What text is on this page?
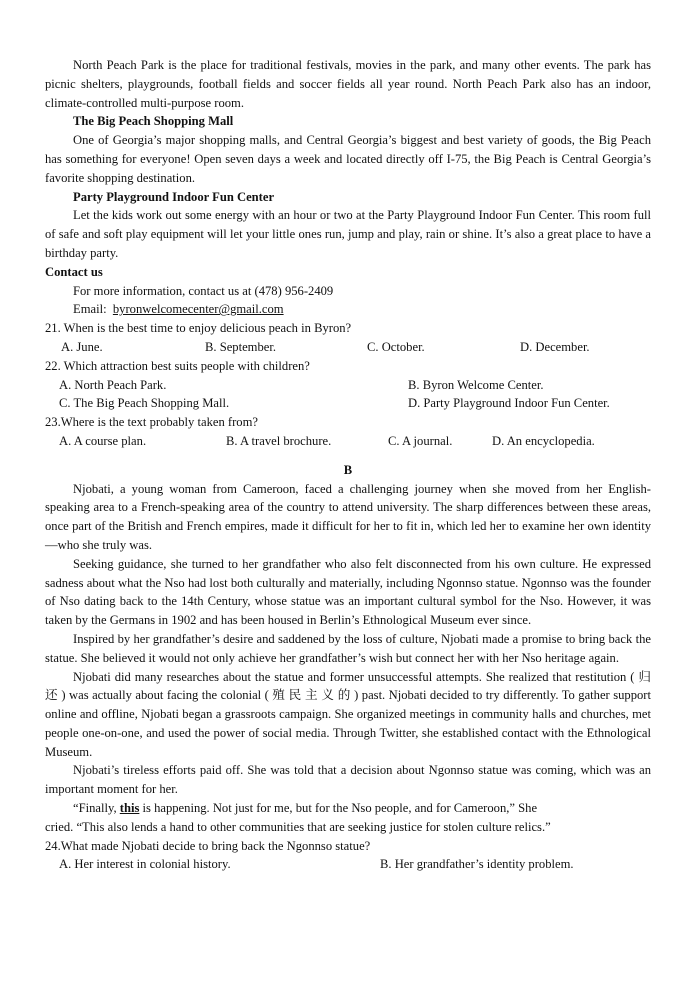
North Peach Park is the place for traditional festivals, movies in the park, and many other events. The park has picnic shelters, playgrounds, football fields and soccer fields all year round. North Peach Park also has an indoor, climate-controlled multi-purpose room.

The Big Peach Shopping Mall

One of Georgia’s major shopping malls, and Central Georgia’s biggest and best variety of goods, the Big Peach has something for everyone! Open seven days a week and located directly off I-75, the Big Peach is Central Georgia’s favorite shopping destination.

Party Playground Indoor Fun Center

Let the kids work out some energy with an hour or two at the Party Playground Indoor Fun Center. This room full of safe and soft play equipment will let your little ones run, jump and play, rain or shine. It’s also a great place to have a birthday party.

Contact us

For more information, contact us at (478) 956-2409

Email: byronwelcomecenter@gmail.com

21. When is the best time to enjoy delicious peach in Byron?

A. June.	B. September.	C. October.	D. December.

22. Which attraction best suits people with children?

A. North Peach Park.	B. Byron Welcome Center.
C. The Big Peach Shopping Mall.	D. Party Playground Indoor Fun Center.

23.Where is the text probably taken from?

A. A course plan.	B. A travel brochure.	C. A journal.	D. An encyclopedia.

B

Njobati, a young woman from Cameroon, faced a challenging journey when she moved from her English-speaking area to a French-speaking area of the country to attend university. The sharp differences between these areas, once part of the British and French empires, made it difficult for her to fit in, which led her to examine her own identity—who she truly was.

Seeking guidance, she turned to her grandfather who also felt disconnected from his own culture. He expressed sadness about what the Nso had lost both culturally and materially, including Ngonnso statue. Ngonnso was the founder of Nso dating back to the 14th Century, whose statue was an important cultural symbol for the Nso. However, it was taken by the Germans in 1902 and has been housed in Berlin’s Ethnological Museum ever since.

Inspired by her grandfather’s desire and saddened by the loss of culture, Njobati made a promise to bring back the statue. She believed it would not only achieve her grandfather’s wish but connect her with her Nso heritage again.

Njobati did many researches about the statue and former unsuccessful attempts. She realized that restitution ( 归还 ) was actually about facing the colonial ( 殖 民 主 义 的 ) past. Njobati decided to try differently. To gather support online and offline, Njobati began a grassroots campaign. She organized meetings in community halls and churches, met people one-on-one, and used the power of social media. Through Twitter, she established contact with the Ethnological Museum.

Njobati’s tireless efforts paid off. She was told that a decision about Ngonnso statue was coming, which was an important moment for her.

“Finally, this is happening. Not just for me, but for the Nso people, and for Cameroon,” She

cried. “This also lends a hand to other communities that are seeking justice for stolen culture relics.”

24.What made Njobati decide to bring back the Ngonnso statue?

A. Her interest in colonial history.	B. Her grandfather’s identity problem.
